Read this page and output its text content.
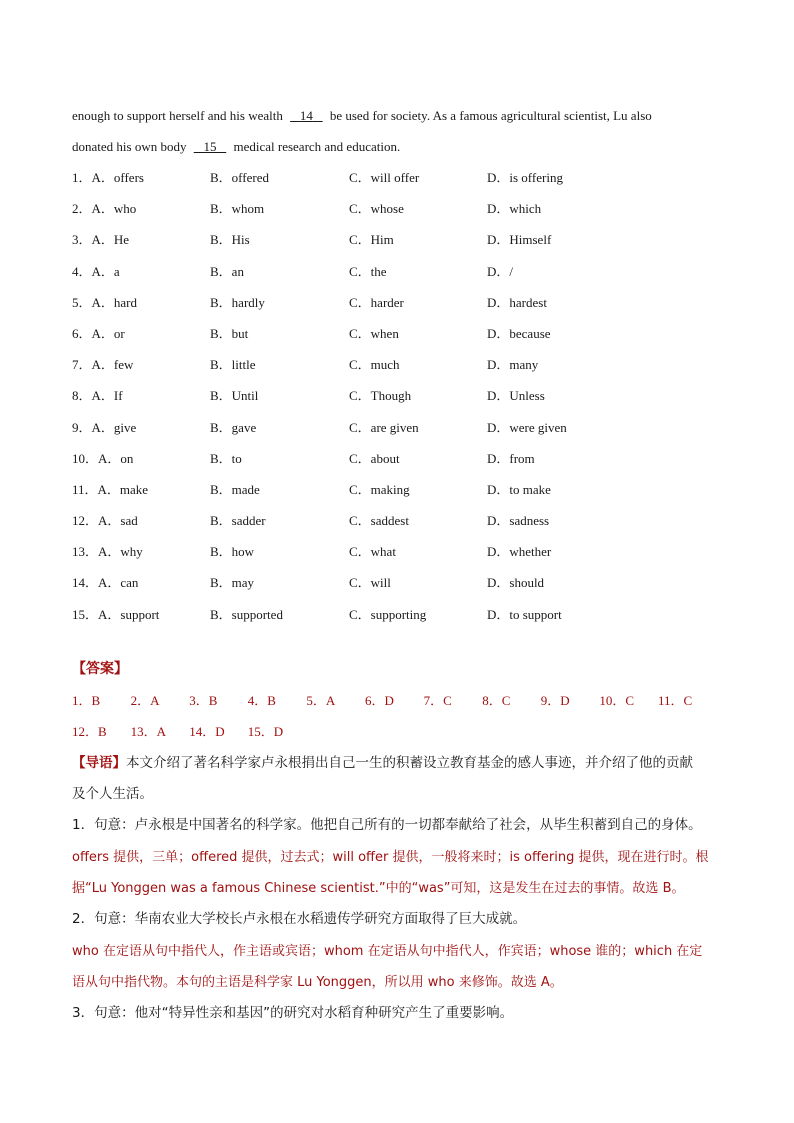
enough to support herself and his wealth 14 be used for society. As a famous agricultural scientist, Lu also

donated his own body 15 medical research and education.

1．A．offers	B．offered	C．will offer	D．is offering
2．A．who	B．whom	C．whose	D．which
3．A．He	B．His	C．Him	D．Himself
4．A．a	B．an	C．the	D．/
5．A．hard	B．hardly	C．harder	D．hardest
6．A．or	B．but	C．when	D．because
7．A．few	B．little	C．much	D．many
8．A．If	B．Until	C．Though	D．Unless
9．A．give	B．gave	C．are given	D．were given
10．A．on	B．to	C．about	D．from
11．A．make	B．made	C．making	D．to make
12．A．sad	B．sadder	C．saddest	D．sadness
13．A．why	B．how	C．what	D．whether
14．A．can	B．may	C．will	D．should
15．A．support	B．supported	C．supporting	D．to support

【答案】

1．B 2．A 3．B 4．B 5．A 6．D 7．C 8．C 9．D 10．C 11．C
12．B 13．A 14．D 15．D

【导语】本文介绍了著名科学家卢永根捐出自己一生的积蓄设立教育基金的感人事迹，并介绍了他的贡献
及个人生活。

1．句意：卢永根是中国著名的科学家。他把自己所有的一切都奉献给了社会，从毕生积蓄到自己的身体。

offers 提供，三单；offered 提供，过去式；will offer 提供，一般将来时；is offering 提供，现在进行时。根

据“Lu Yonggen was a famous Chinese scientist.”中的“was”可知，这是发生在过去的事情。故选 B。

2．句意：华南农业大学校长卢永根在水稻遗传学研究方面取得了巨大成就。

who 在定语从句中指代人，作主语或宾语；whom 在定语从句中指代人，作宾语；whose 谁的；which 在定

语从句中指代物。本句的主语是科学家 Lu Yonggen，所以用 who 来修饰。故选 A。

3．句意：他对“特异性亲和基因”的研究对水稻育种研究产生了重要影响。
